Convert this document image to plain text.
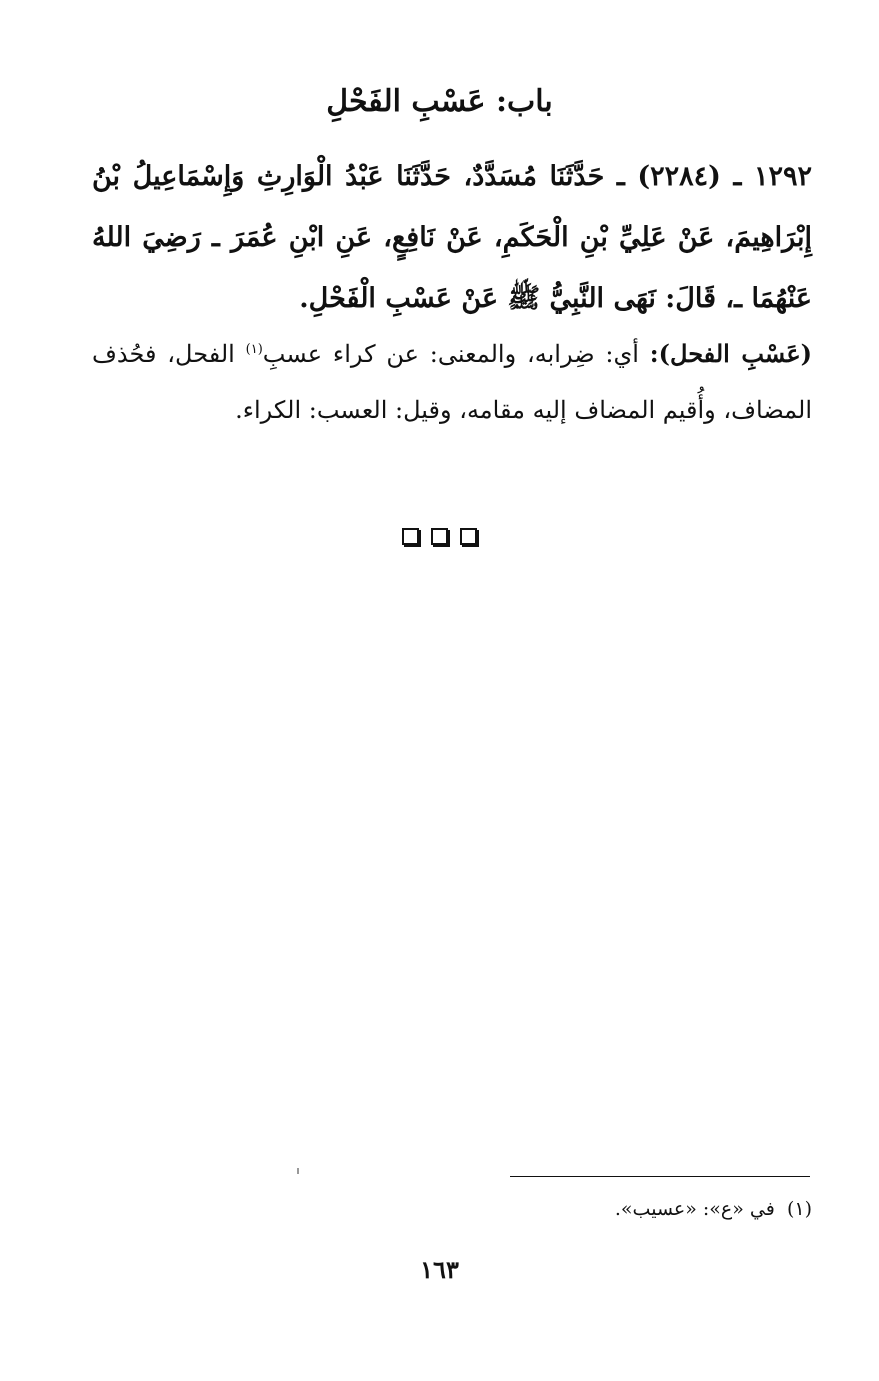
باب: عَسْبِ الفَحْلِ
١٢٩٢ ـ (٢٢٨٤) ـ حَدَّثَنَا مُسَدَّدٌ، حَدَّثَنَا عَبْدُ الْوَارِثِ وَإِسْمَاعِيلُ بْنُ إِبْرَاهِيمَ، عَنْ عَلِيِّ بْنِ الْحَكَمِ، عَنْ نَافِعٍ، عَنِ ابْنِ عُمَرَ ـ رَضِيَ اللهُ عَنْهُمَا ـ، قَالَ: نَهَى النَّبِيُّ ﷺ عَنْ عَسْبِ الْفَحْلِ.
(عَسْبِ الفحل): أي: ضِرابه، والمعنى: عن كراء عسبِ$^{(١)}$ الفحل، فحُذف المضاف، وأُقيم المضاف إليه مقامه، وقيل: العسب: الكراء.
(١)  في «ع»: «عسيب».
١٦٣
